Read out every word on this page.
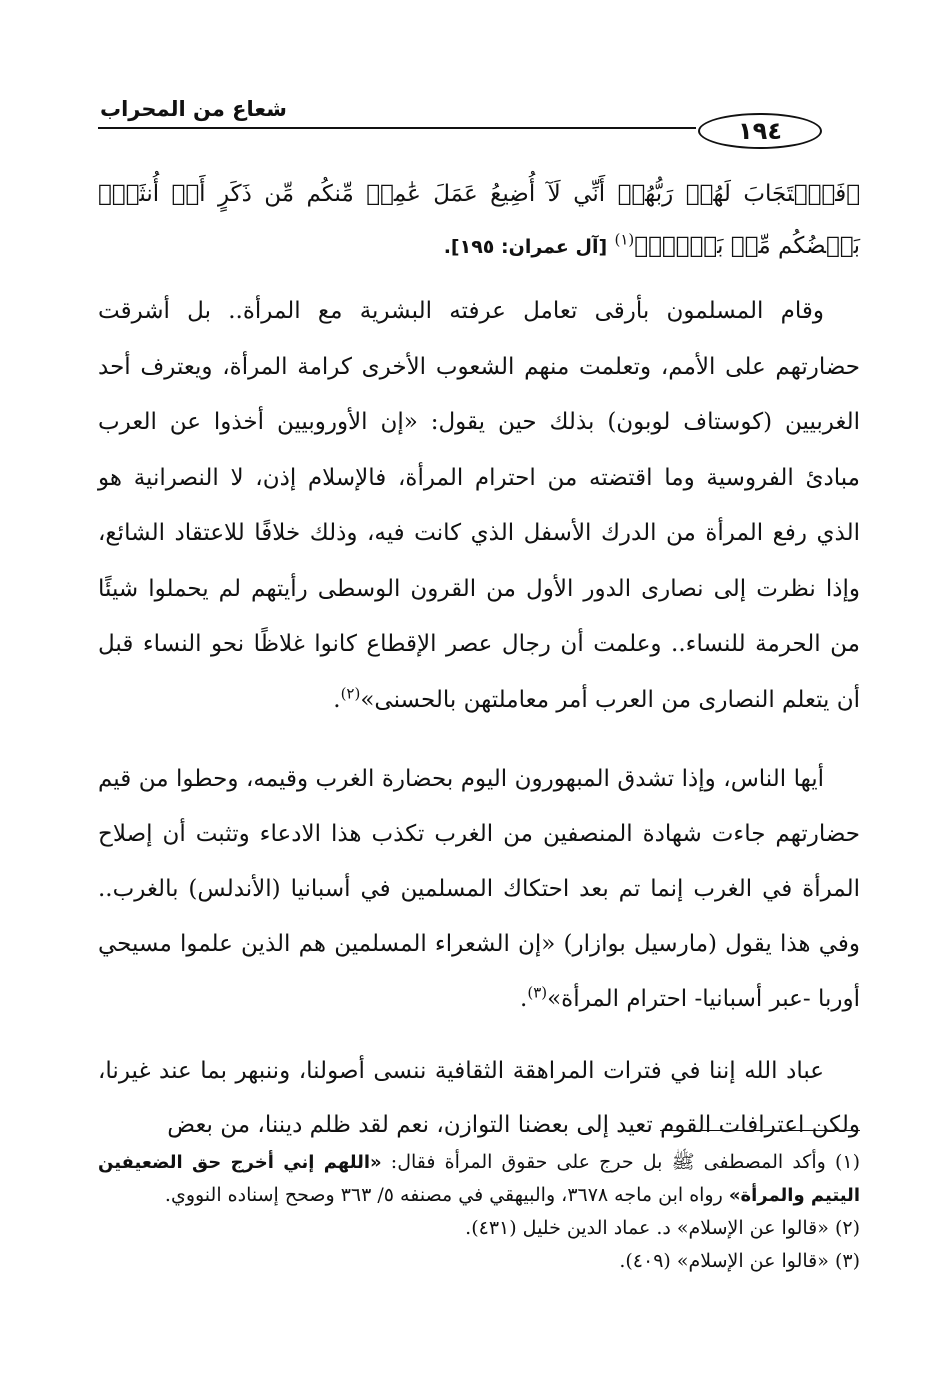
شعاع من المحراب
١٩٤
﴿فَٱسۡتَجَابَ لَهُمۡ رَبُّهُمۡ أَنِّي لَآ أُضِيعُ عَمَلَ عَٰمِلٖ مِّنكُم مِّن ذَكَرٍ أَوۡ أُنثَىٰۖ بَعۡضُكُم مِّنۢ بَعۡضٖۖ﴾$^{(١)}$ [آل عمران: ١٩٥].

وقام المسلمون بأرقى تعامل عرفته البشرية مع المرأة.. بل أشرقت حضارتهم على الأمم، وتعلمت منهم الشعوب الأخرى كرامة المرأة، ويعترف أحد الغربيين (كوستاف لوبون) بذلك حين يقول: «إن الأوروبيين أخذوا عن العرب مبادئ الفروسية وما اقتضته من احترام المرأة، فالإسلام إذن، لا النصرانية هو الذي رفع المرأة من الدرك الأسفل الذي كانت فيه، وذلك خلافًا للاعتقاد الشائع، وإذا نظرت إلى نصارى الدور الأول من القرون الوسطى رأيتهم لم يحملوا شيئًا من الحرمة للنساء.. وعلمت أن رجال عصر الإقطاع كانوا غلاظًا نحو النساء قبل أن يتعلم النصارى من العرب أمر معاملتهن بالحسنى»$^{(٢)}$.

أيها الناس، وإذا تشدق المبهورون اليوم بحضارة الغرب وقيمه، وحطوا من قيم حضارتهم جاءت شهادة المنصفين من الغرب تكذب هذا الادعاء وتثبت أن إصلاح المرأة في الغرب إنما تم بعد احتكاك المسلمين في أسبانيا (الأندلس) بالغرب.. وفي هذا يقول (مارسيل بوازار) «إن الشعراء المسلمين هم الذين علموا مسيحي أوربا -عبر أسبانيا- احترام المرأة»$^{(٣)}$.

عباد الله إننا في فترات المراهقة الثقافية ننسى أصولنا، وننبهر بما عند غيرنا، ولكن اعترافات القوم تعيد إلى بعضنا التوازن، نعم لقد ظلم ديننا، من بعض

(١) وأكد المصطفى ﷺ بل حرج على حقوق المرأة فقال: «اللهم إني أخرج حق الضعيفين اليتيم والمرأة» رواه ابن ماجه ٣٦٧٨، والبيهقي في مصنفه ٥/ ٣٦٣ وصحح إسناده النووي.

(٢) «قالوا عن الإسلام» د. عماد الدين خليل (٤٣١).

(٣) «قالوا عن الإسلام» (٤٠٩).
